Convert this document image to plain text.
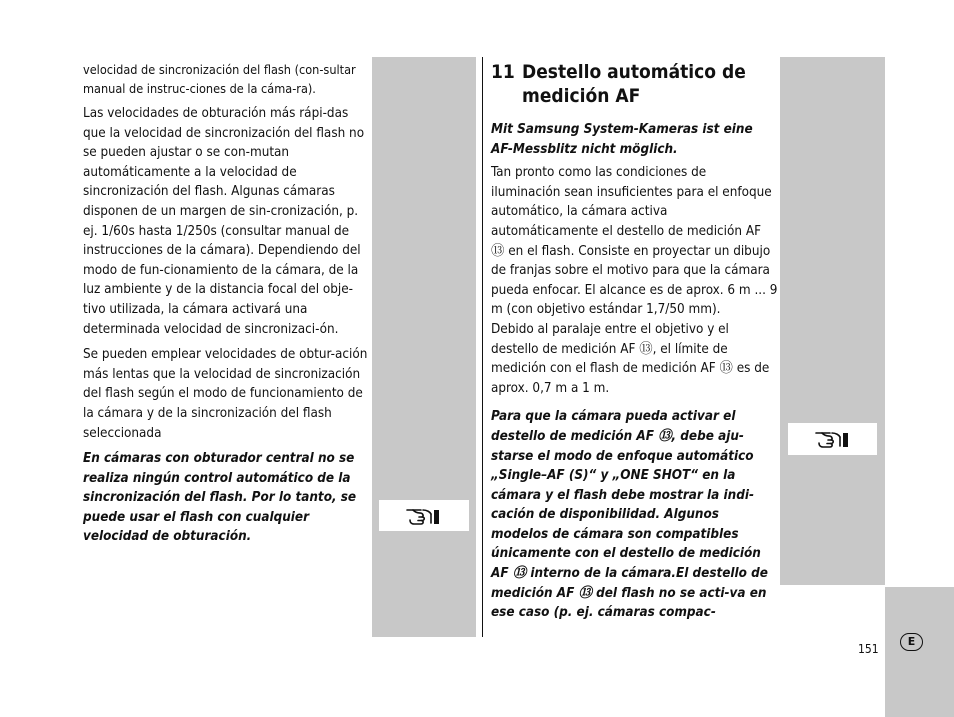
velocidad de sincronización del flash (con-sultar manual de instruc-ciones de la cáma-ra).

Las velocidades de obturación más rápi-das que la velocidad de sincronización del flash no se pueden ajustar o se con-mutan automáticamente a la velocidad de sincronización del flash. Algunas cámaras disponen de un margen de sin-cronización, p. ej. 1/60s hasta 1/250s (consultar manual de instrucciones de la cámara). Dependiendo del modo de fun-cionamiento de la cámara, de la luz ambiente y de la distancia focal del obje-tivo utilizada, la cámara activará una determinada velocidad de sincronizaci-ón.

Se pueden emplear velocidades de obtur-ación más lentas que la velocidad de sincronización del flash según el modo de funcionamiento de la cámara y de la sincronización del flash seleccionada

En cámaras con obturador central no se realiza ningún control automático de la sincronización del flash. Por lo tanto, se puede usar el flash con cualquier velocidad de obturación.

11 Destello automático de medición AF

Mit Samsung System-Kameras ist eine AF-Messblitz nicht möglich.

Tan pronto como las condiciones de iluminación sean insuficientes para el enfoque automático, la cámara activa automáticamente el destello de medición AF ⑬ en el flash. Consiste en proyectar un dibujo de franjas sobre el motivo para que la cámara pueda enfocar. El alcance es de aprox. 6 m ... 9 m (con objetivo estándar 1,7/50 mm).

Debido al paralaje entre el objetivo y el destello de medición AF ⑬, el límite de medición con el flash de medición AF ⑬ es de aprox. 0,7 m a 1 m.

Para que la cámara pueda activar el destello de medición AF ⑬, debe aju-starse el modo de enfoque automático „Single–AF (S)“ y „ONE SHOT“ en la cámara y el flash debe mostrar la indi-cación de disponibilidad. Algunos modelos de cámara son compatibles únicamente con el destello de medición AF ⑬ interno de la cámara.El destello de medición AF ⑬ del flash no se acti-va en ese caso (p. ej. cámaras compac-

151
E
